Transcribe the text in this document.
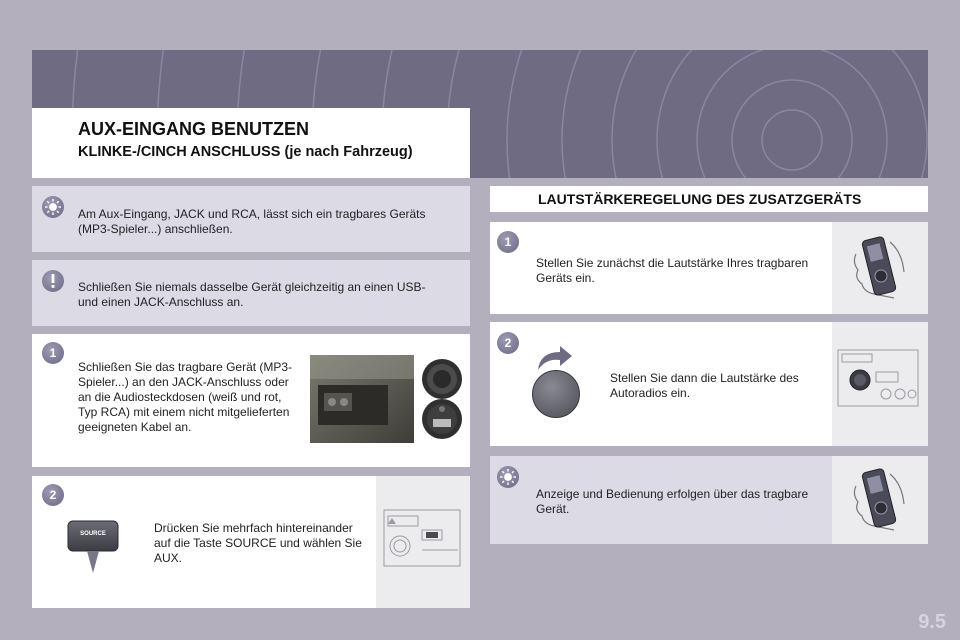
AUX-EINGANG BENUTZEN
KLINKE-/CINCH ANSCHLUSS (je nach Fahrzeug)
Am Aux-Eingang, JACK und RCA, lässt sich ein tragbares Geräts (MP3-Spieler...) anschließen.
Schließen Sie niemals dasselbe Gerät gleichzeitig an einen USB- und einen JACK-Anschluss an.
1
Schließen Sie das tragbare Gerät (MP3-Spieler...) an den JACK-Anschluss oder an die Audiosteckdosen (weiß und rot, Typ RCA) mit einem nicht mitgelieferten geeigneten Kabel an.
2
SOURCE	Drücken Sie mehrfach hintereinander auf die Taste SOURCE und wählen Sie AUX.
LAUTSTÄRKEREGELUNG DES ZUSATZGERÄTS
1
Stellen Sie zunächst die Lautstärke Ihres tragbaren Geräts ein.
2
Stellen Sie dann die Lautstärke des Autoradios ein.
Anzeige und Bedienung erfolgen über das tragbare Gerät.
9.5
